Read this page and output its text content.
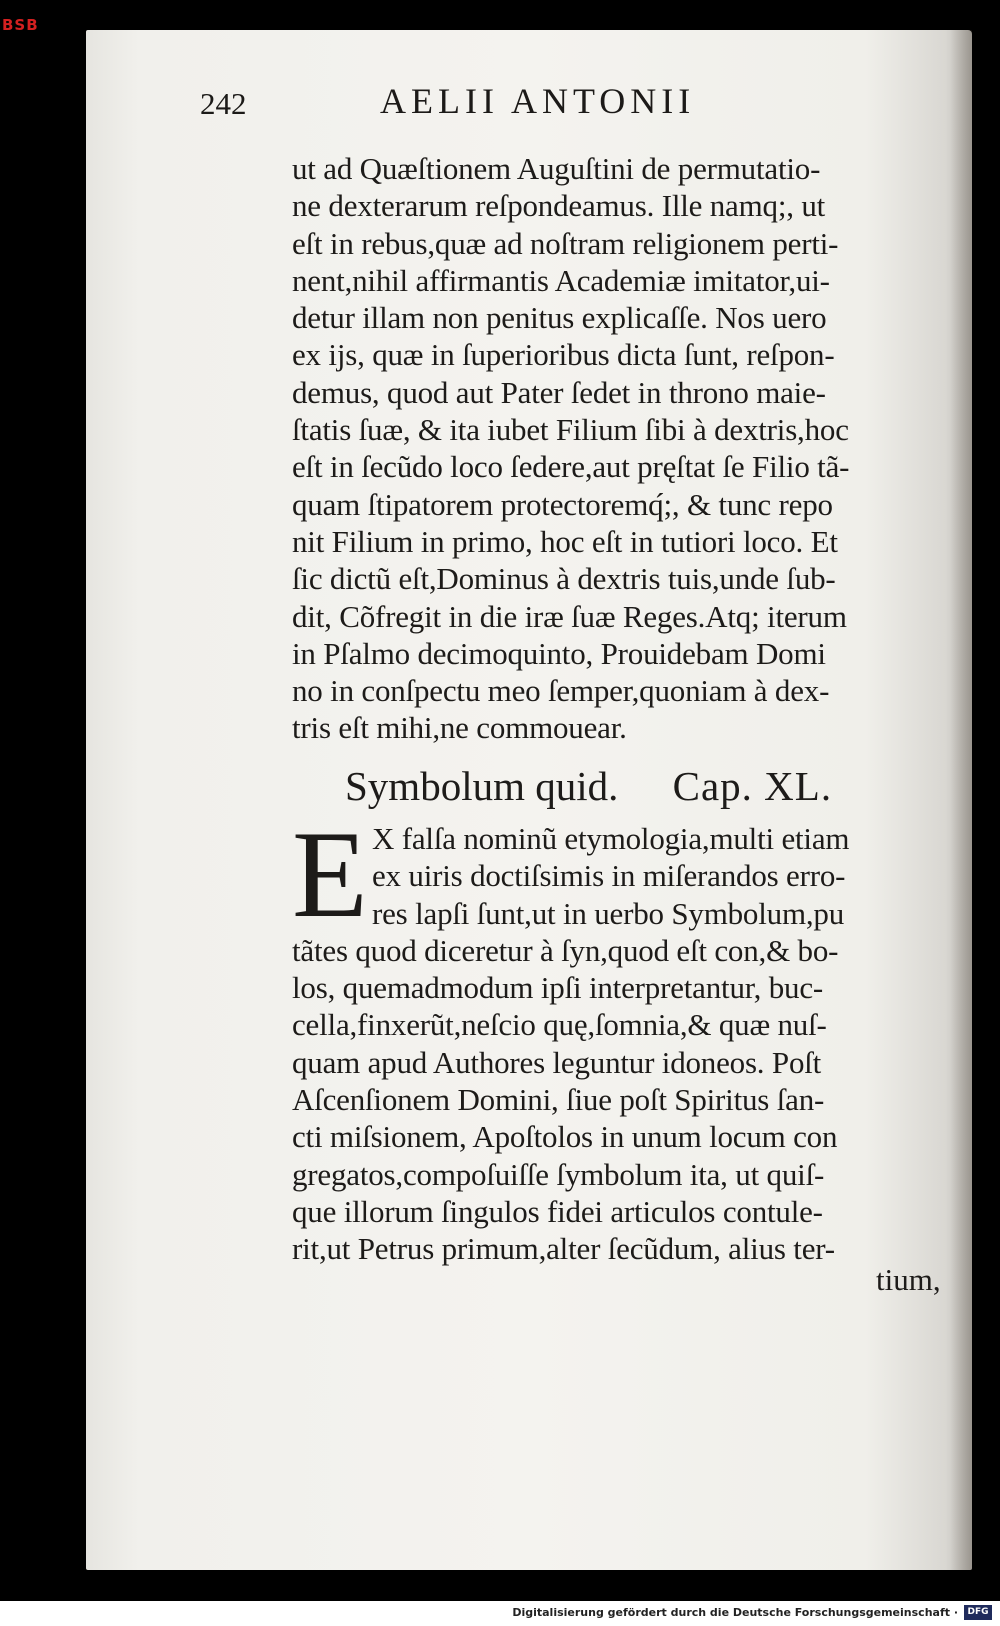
BSB
242	AELII ANTONII
ut ad Quæſtionem Auguſtini de permutatio-
ne dexterarum reſpondeamus. Ille namq;, ut
eſt in rebus,quæ ad noſtram religionem perti-
nent,nihil affirmantis Academiæ imitator,ui-
detur illam non penitus explicaſſe. Nos uero
ex ijs, quæ in ſuperioribus dicta ſunt, reſpon-
demus, quod aut Pater ſedet in throno maie-
ſtatis ſuæ, & ita iubet Filium ſibi à dextris,hoc
eſt in ſecũdo loco ſedere,aut pręſtat ſe Filio tã-
quam ſtipatorem protectoremq́;, & tunc repo
nit Filium in primo, hoc eſt in tutiori loco. Et
ſic dictũ eſt,Dominus à dextris tuis,unde ſub-
dit, Cõfregit in die iræ ſuæ Reges.Atq; iterum
in Pſalmo decimoquinto, Prouidebam Domi
no in conſpectu meo ſemper,quoniam à dex-
tris eſt mihi,ne commouear.
Symbolum quid. Cap. XL.
E X falſa nominũ etymologia,multi etiam
ex uiris doctiſsimis in miſerandos erro-
res lapſi ſunt,ut in uerbo Symbolum,pu
tãtes quod diceretur à ſyn,quod eſt con,& bo-
los, quemadmodum ipſi interpretantur, buc-
cella,finxerũt,neſcio quę,ſomnia,& quæ nuſ-
quam apud Authores leguntur idoneos. Poſt
Aſcenſionem Domini, ſiue poſt Spiritus ſan-
cti miſsionem, Apoſtolos in unum locum con
gregatos,compoſuiſſe ſymbolum ita, ut quiſ-
que illorum ſingulos fidei articulos contule-
rit,ut Petrus primum,alter ſecũdum, alius ter-
tium,
Digitalisierung gefördert durch die Deutsche Forschungsgemeinschaft ·	DFG
